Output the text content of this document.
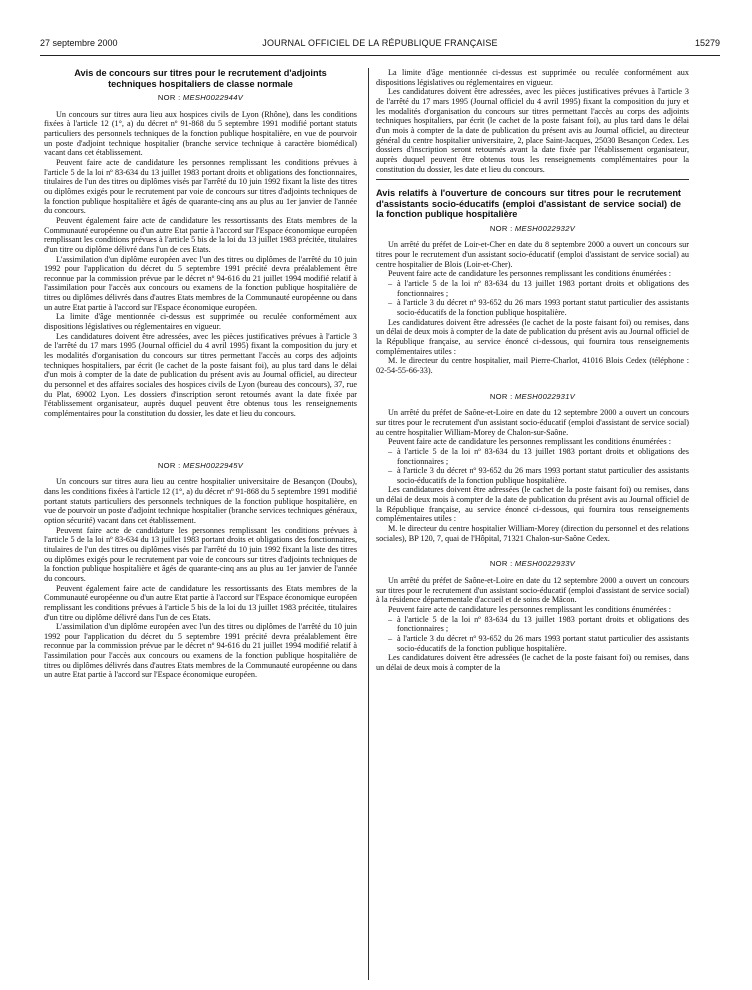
27 septembre 2000	JOURNAL OFFICIEL DE LA RÉPUBLIQUE FRANÇAISE	15279
Avis de concours sur titres pour le recrutement d'adjoints techniques hospitaliers de classe normale
NOR : MESH0022944V

Un concours sur titres aura lieu aux hospices civils de Lyon (Rhône), dans les conditions fixées à l'article 12 (1°, a) du décret nº 91-868 du 5 septembre 1991 modifié portant statuts particuliers des personnels techniques de la fonction publique hospitalière, en vue de pourvoir un poste d'adjoint technique hospitalier (branche service technique à caractère biomédical) vacant dans cet établissement.

Peuvent faire acte de candidature les personnes remplissant les conditions prévues à l'article 5 de la loi nº 83-634 du 13 juillet 1983 portant droits et obligations des fonctionnaires, titulaires de l'un des titres ou diplômes visés par l'arrêté du 10 juin 1992 fixant la liste des titres ou diplômes exigés pour le recrutement par voie de concours sur titres d'adjoints techniques de la fonction publique hospitalière et âgés de quarante-cinq ans au plus au 1er janvier de l'année du concours.

Peuvent également faire acte de candidature les ressortissants des Etats membres de la Communauté européenne ou d'un autre Etat partie à l'accord sur l'Espace économique européen remplissant les conditions prévues à l'article 5 bis de la loi du 13 juillet 1983 précitée, titulaires d'un titre ou diplôme délivré dans l'un de ces Etats.

L'assimilation d'un diplôme européen avec l'un des titres ou diplômes de l'arrêté du 10 juin 1992 pour l'application du décret du 5 septembre 1991 précité devra préalablement être reconnue par la commission prévue par le décret nº 94-616 du 21 juillet 1994 modifié relatif à l'assimilation pour l'accès aux concours ou examens de la fonction publique hospitalière de titres ou diplômes délivrés dans d'autres Etats membres de la Communauté européenne ou dans un autre Etat partie à l'accord sur l'Espace économique européen.

La limite d'âge mentionnée ci-dessus est supprimée ou reculée conformément aux dispositions législatives ou réglementaires en vigueur.

Les candidatures doivent être adressées, avec les pièces justificatives prévues à l'article 3 de l'arrêté du 17 mars 1995 (Journal officiel du 4 avril 1995) fixant la composition du jury et les modalités d'organisation du concours sur titres permettant l'accès au corps des adjoints techniques hospitaliers, par écrit (le cachet de la poste faisant foi), au plus tard dans le délai d'un mois à compter de la date de publication du présent avis au Journal officiel, au directeur du personnel et des affaires sociales des hospices civils de Lyon (bureau des concours), 37, rue du Plat, 69002 Lyon. Les dossiers d'inscription seront retournés avant la date fixée par l'établissement organisateur, auprès duquel peuvent être obtenus tous les renseignements complémentaires pour la constitution du dossier, les date et lieu du concours.

NOR : MESH0022945V

Un concours sur titres aura lieu au centre hospitalier universitaire de Besançon (Doubs), dans les conditions fixées à l'article 12 (1°, a) du décret nº 91-868 du 5 septembre 1991 modifié portant statuts particuliers des personnels techniques de la fonction publique hospitalière, en vue de pourvoir un poste d'adjoint technique hospitalier (branche services techniques généraux, option sécurité) vacant dans cet établissement.

Peuvent faire acte de candidature les personnes remplissant les conditions prévues à l'article 5 de la loi nº 83-634 du 13 juillet 1983 portant droits et obligations des fonctionnaires, titulaires de l'un des titres ou diplômes visés par l'arrêté du 10 juin 1992 fixant la liste des titres ou diplômes exigés pour le recrutement par voie de concours sur titres d'adjoints techniques de la fonction publique hospitalière et âgés de quarante-cinq ans au plus au 1er janvier de l'année du concours.

Peuvent également faire acte de candidature les ressortissants des Etats membres de la Communauté européenne ou d'un autre Etat partie à l'accord sur l'Espace économique européen remplissant les conditions prévues à l'article 5 bis de la loi du 13 juillet 1983 précitée, titulaires d'un titre ou diplôme délivré dans l'un de ces Etats.

L'assimilation d'un diplôme européen avec l'un des titres ou diplômes de l'arrêté du 10 juin 1992 pour l'application du décret du 5 septembre 1991 précité devra préalablement être reconnue par la commission prévue par le décret nº 94-616 du 21 juillet 1994 modifié relatif à l'assimilation pour l'accès aux concours ou examens de la fonction publique hospitalière de titres ou diplômes délivrés dans d'autres Etats membres de la Communauté européenne ou dans un autre Etat partie à l'accord sur l'Espace économique européen.

La limite d'âge mentionnée ci-dessus est supprimée ou reculée conformément aux dispositions législatives ou réglementaires en vigueur.

Les candidatures doivent être adressées, avec les pièces justificatives prévues à l'article 3 de l'arrêté du 17 mars 1995 (Journal officiel du 4 avril 1995) fixant la composition du jury et les modalités d'organisation du concours sur titres permettant l'accès au corps des adjoints techniques hospitaliers, par écrit (le cachet de la poste faisant foi), au plus tard dans le délai d'un mois à compter de la date de publication du présent avis au Journal officiel, au directeur général du centre hospitalier universitaire, 2, place Saint-Jacques, 25030 Besançon Cedex. Les dossiers d'inscription seront retournés avant la date fixée par l'établissement organisateur, auprès duquel peuvent être obtenus tous les renseignements complémentaires pour la constitution du dossier, les date et lieu du concours.

Avis relatifs à l'ouverture de concours sur titres pour le recrutement d'assistants socio-éducatifs (emploi d'assistant de service social) de la fonction publique hospitalière
NOR : MESH0022932V

Un arrêté du préfet de Loir-et-Cher en date du 8 septembre 2000 a ouvert un concours sur titres pour le recrutement d'un assistant socio-éducatif (emploi d'assistant de service social) au centre hospitalier de Blois (Loir-et-Cher).

Peuvent faire acte de candidature les personnes remplissant les conditions énumérées :

– à l'article 5 de la loi nº 83-634 du 13 juillet 1983 portant droits et obligations des fonctionnaires ;
– à l'article 3 du décret nº 93-652 du 26 mars 1993 portant statut particulier des assistants socio-éducatifs de la fonction publique hospitalière.

Les candidatures doivent être adressées (le cachet de la poste faisant foi) ou remises, dans un délai de deux mois à compter de la date de publication du présent avis au Journal officiel de la République française, au service énoncé ci-dessous, qui fournira tous renseignements complémentaires utiles :

M. le directeur du centre hospitalier, mail Pierre-Charlot, 41016 Blois Cedex (téléphone : 02-54-55-66-33).

NOR : MESH0022931V

Un arrêté du préfet de Saône-et-Loire en date du 12 septembre 2000 a ouvert un concours sur titres pour le recrutement d'un assistant socio-éducatif (emploi d'assistant de service social) au centre hospitalier William-Morey de Chalon-sur-Saône.

Peuvent faire acte de candidature les personnes remplissant les conditions énumérées :

– à l'article 5 de la loi nº 83-634 du 13 juillet 1983 portant droits et obligations des fonctionnaires ;
– à l'article 3 du décret nº 93-652 du 26 mars 1993 portant statut particulier des assistants socio-éducatifs de la fonction publique hospitalière.

Les candidatures doivent être adressées (le cachet de la poste faisant foi) ou remises, dans un délai de deux mois à compter de la date de publication du présent avis au Journal officiel de la République française, au service énoncé ci-dessous, qui fournira tous renseignements complémentaires utiles :

M. le directeur du centre hospitalier William-Morey (direction du personnel et des relations sociales), BP 120, 7, quai de l'Hôpital, 71321 Chalon-sur-Saône Cedex.

NOR : MESH0022933V

Un arrêté du préfet de Saône-et-Loire en date du 12 septembre 2000 a ouvert un concours sur titres pour le recrutement d'un assistant socio-éducatif (emploi d'assistant de service social) à la résidence départementale d'accueil et de soins de Mâcon.

Peuvent faire acte de candidature les personnes remplissant les conditions énumérées :

– à l'article 5 de la loi nº 83-634 du 13 juillet 1983 portant droits et obligations des fonctionnaires ;
– à l'article 3 du décret nº 93-652 du 26 mars 1993 portant statut particulier des assistants socio-éducatifs de la fonction publique hospitalière.

Les candidatures doivent être adressées (le cachet de la poste faisant foi) ou remises, dans un délai de deux mois à compter de la
